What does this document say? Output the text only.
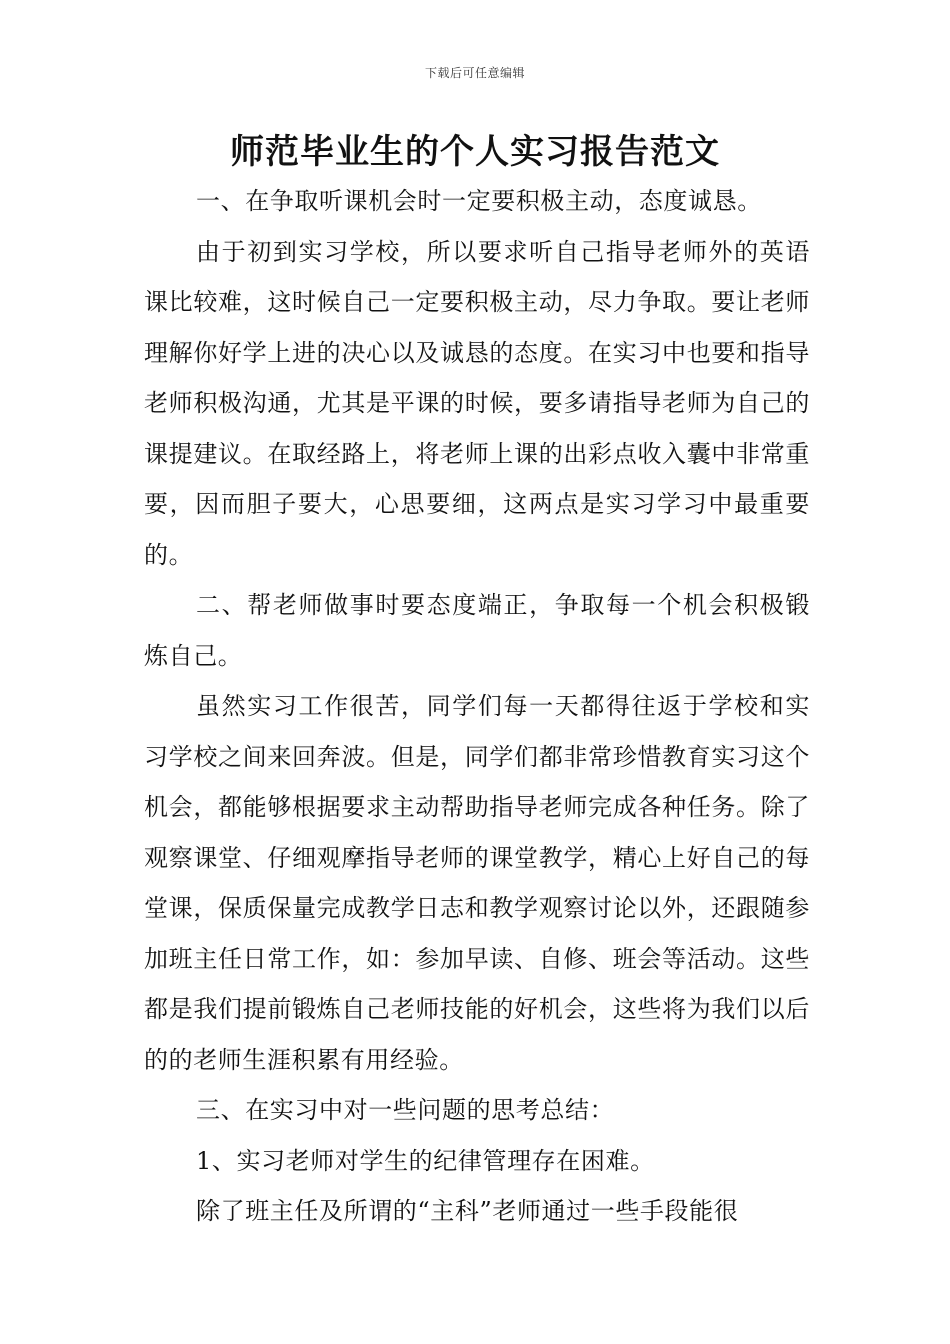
下载后可任意编辑
师范毕业生的个人实习报告范文

一、在争取听课机会时一定要积极主动，态度诚恳。

由于初到实习学校，所以要求听自己指导老师外的英语课比较难，这时候自己一定要积极主动，尽力争取。要让老师理解你好学上进的决心以及诚恳的态度。在实习中也要和指导老师积极沟通，尤其是平课的时候，要多请指导老师为自己的课提建议。在取经路上，将老师上课的出彩点收入囊中非常重要，因而胆子要大，心思要细，这两点是实习学习中最重要的。

二、帮老师做事时要态度端正，争取每一个机会积极锻炼自己。

虽然实习工作很苦，同学们每一天都得往返于学校和实习学校之间来回奔波。但是，同学们都非常珍惜教育实习这个机会，都能够根据要求主动帮助指导老师完成各种任务。除了观察课堂、仔细观摩指导老师的课堂教学，精心上好自己的每堂课，保质保量完成教学日志和教学观察讨论以外，还跟随参加班主任日常工作，如：参加早读、自修、班会等活动。这些都是我们提前锻炼自己老师技能的好机会，这些将为我们以后的的老师生涯积累有用经验。

三、在实习中对一些问题的思考总结：

1、实习老师对学生的纪律管理存在困难。

除了班主任及所谓的“主科”老师通过一些手段能很
